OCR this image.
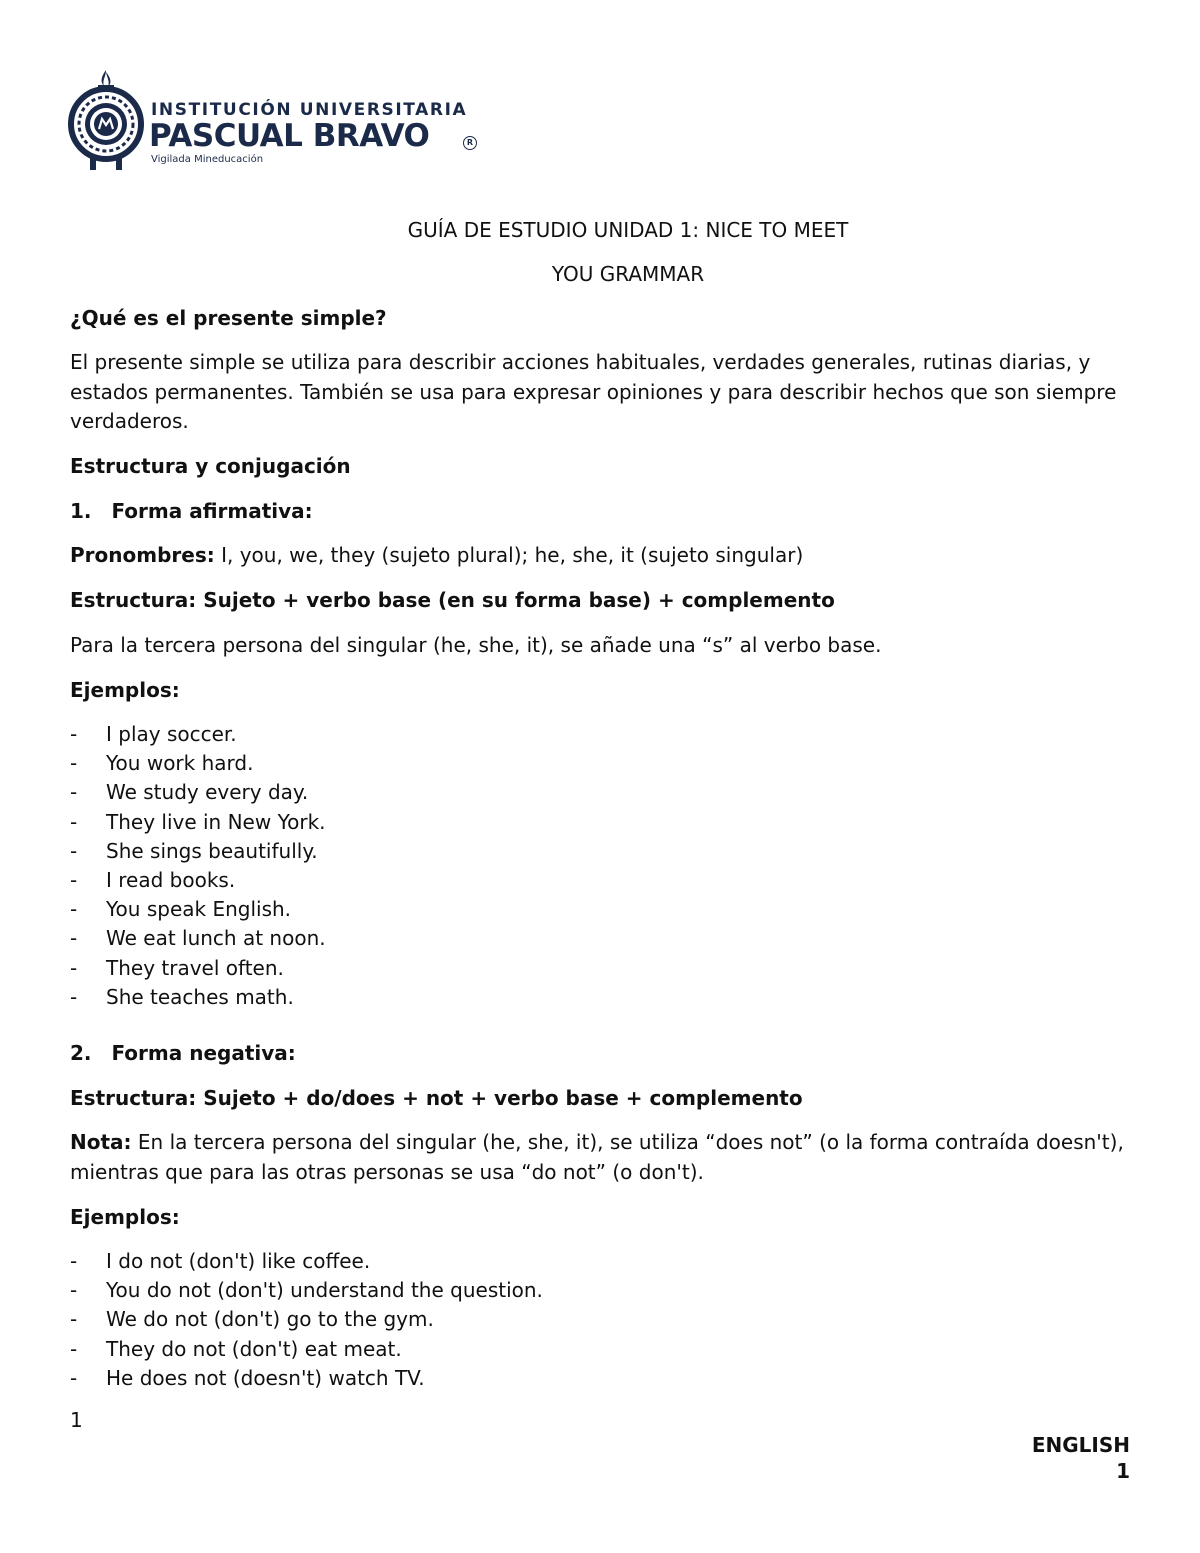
INSTITUCIÓN UNIVERSITARIA
PASCUAL BRAVO	R
Vigilada Mineducación
GUÍA DE ESTUDIO UNIDAD 1: NICE TO MEET
YOU GRAMMAR
¿Qué es el presente simple?
El presente simple se utiliza para describir acciones habituales, verdades generales, rutinas diarias, y estados permanentes. También se usa para expresar opiniones y para describir hechos que son siempre verdaderos.
Estructura y conjugación
1. Forma afirmativa:
Pronombres: I, you, we, they (sujeto plural); he, she, it (sujeto singular)
Estructura: Sujeto + verbo base (en su forma base) + complemento
Para la tercera persona del singular (he, she, it), se añade una “s” al verbo base.
Ejemplos:
- I play soccer.
- You work hard.
- We study every day.
- They live in New York.
- She sings beautifully.
- I read books.
- You speak English.
- We eat lunch at noon.
- They travel often.
- She teaches math.
2. Forma negativa:
Estructura: Sujeto + do/does + not + verbo base + complemento
Nota: En la tercera persona del singular (he, she, it), se utiliza “does not” (o la forma contraída doesn't), mientras que para las otras personas se usa “do not” (o don't).
Ejemplos:
- I do not (don't) like coffee.
- You do not (don't) understand the question.
- We do not (don't) go to the gym.
- They do not (don't) eat meat.
- He does not (doesn't) watch TV.
1
ENGLISH
1
